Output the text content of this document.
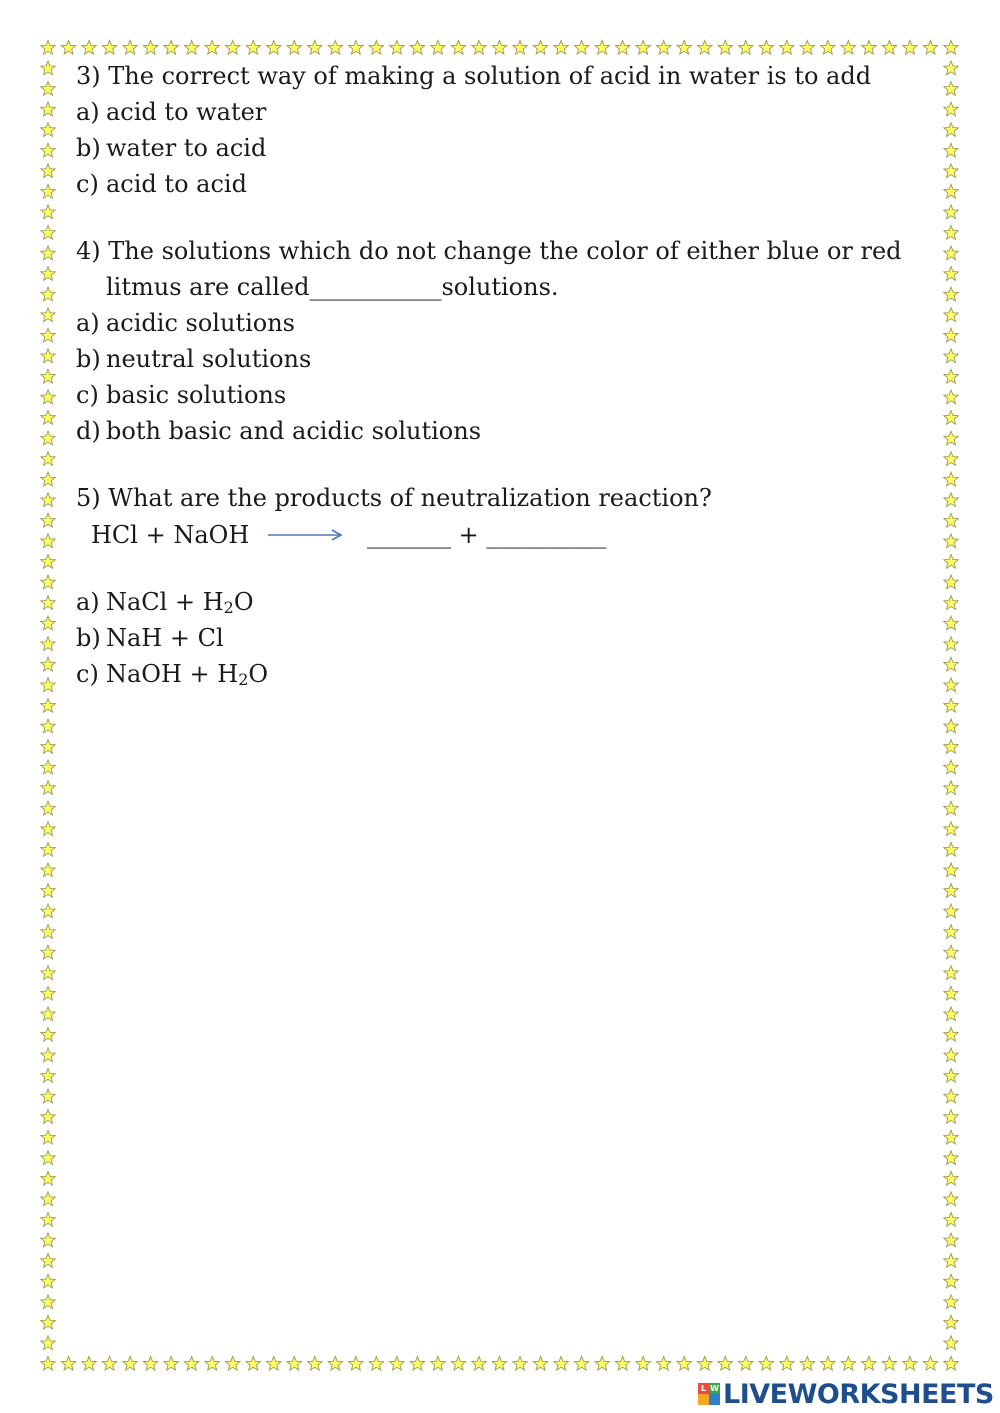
3) The correct way of making a solution of acid in water is to add
a) acid to water
b) water to acid
c) acid to acid
4) The solutions which do not change the color of either blue or red
litmus are called___________solutions.
a) acidic solutions
b) neutral solutions
c) basic solutions
d) both basic and acidic solutions
5) What are the products of neutralization reaction?
HCl + NaOH	_______ + __________
a) NaCl + $H_2O$
b) NaH + Cl
c) NaOH + $H_2O$
L W LIVEWORKSHEETS
